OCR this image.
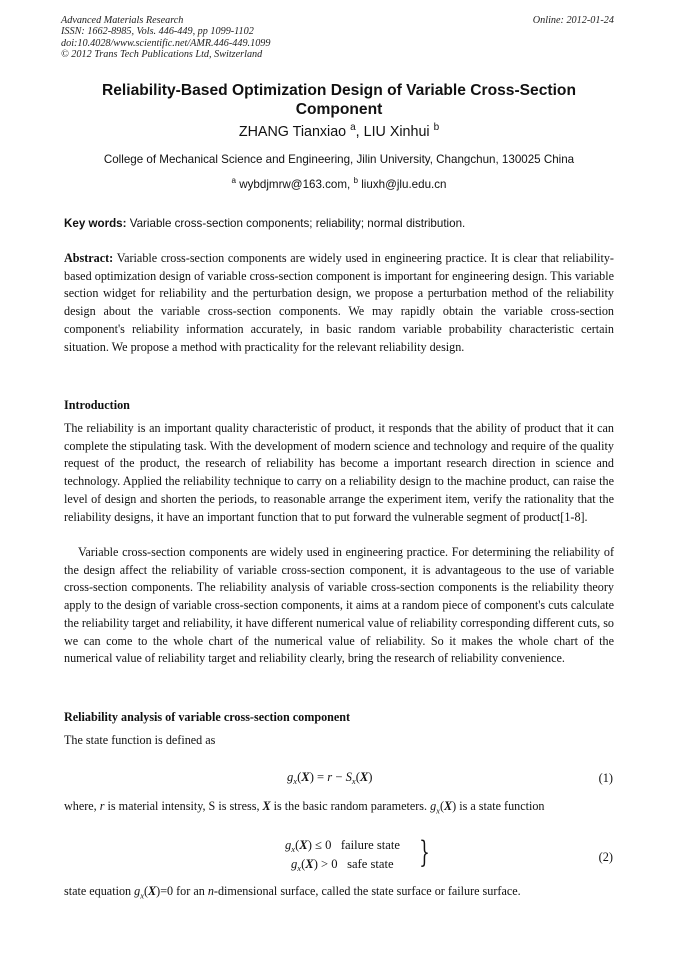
Advanced Materials Research
ISSN: 1662-8985, Vols. 446-449, pp 1099-1102
doi:10.4028/www.scientific.net/AMR.446-449.1099
© 2012 Trans Tech Publications Ltd, Switzerland
Online: 2012-01-24
Reliability-Based Optimization Design of Variable Cross-Section
Component
ZHANG Tianxiao $^a$, LIU Xinhui $^b$
College of Mechanical Science and Engineering, Jilin University, Changchun, 130025 China
$^a$ wybdjmrw@163.com, $^b$ liuxh@jlu.edu.cn
Key words: Variable cross-section components; reliability; normal distribution.
Abstract: Variable cross-section components are widely used in engineering practice. It is clear that reliability-based optimization design of variable cross-section component is important for engineering design. This variable section widget for reliability and the perturbation design, we propose a perturbation method of the reliability design about the variable cross-section components. We may rapidly obtain the variable cross-section component's reliability information accurately, in basic random variable probability characteristic certain situation. We propose a method with practicality for the relevant reliability design.
Introduction
The reliability is an important quality characteristic of product, it responds that the ability of product that it can complete the stipulating task. With the development of modern science and technology and require of the quality request of the product, the research of reliability has become a important research direction in science and technology. Applied the reliability technique to carry on a reliability design to the machine product, can raise the level of design and shorten the periods, to reasonable arrange the experiment item, verify the rationality that the reliability designs, it have an important function that to put forward the vulnerable segment of product[1-8].
Variable cross-section components are widely used in engineering practice. For determining the reliability of the design affect the reliability of variable cross-section component, it is advantageous to the use of variable cross-section components. The reliability analysis of variable cross-section components is the reliability theory apply to the design of variable cross-section components, it aims at a random piece of component's cuts calculate the reliability target and reliability, it have different numerical value of reliability corresponding different cuts, so we can come to the whole chart of the numerical value of reliability. So it makes the whole chart of the numerical value of reliability target and reliability clearly, bring the research of reliability convenience.
Reliability analysis of variable cross-section component
The state function is defined as
$g_x(X) = r - S_x(X)$	(1)
where, r is material intensity, S is stress, X is the basic random parameters. $g_x(X)$ is a state function
$g_x(X) \le 0$ failure state
$g_x(X) > 0$ safe state }	(2)
state equation $g_x(X)=0$ for an n-dimensional surface, called the state surface or failure surface.
